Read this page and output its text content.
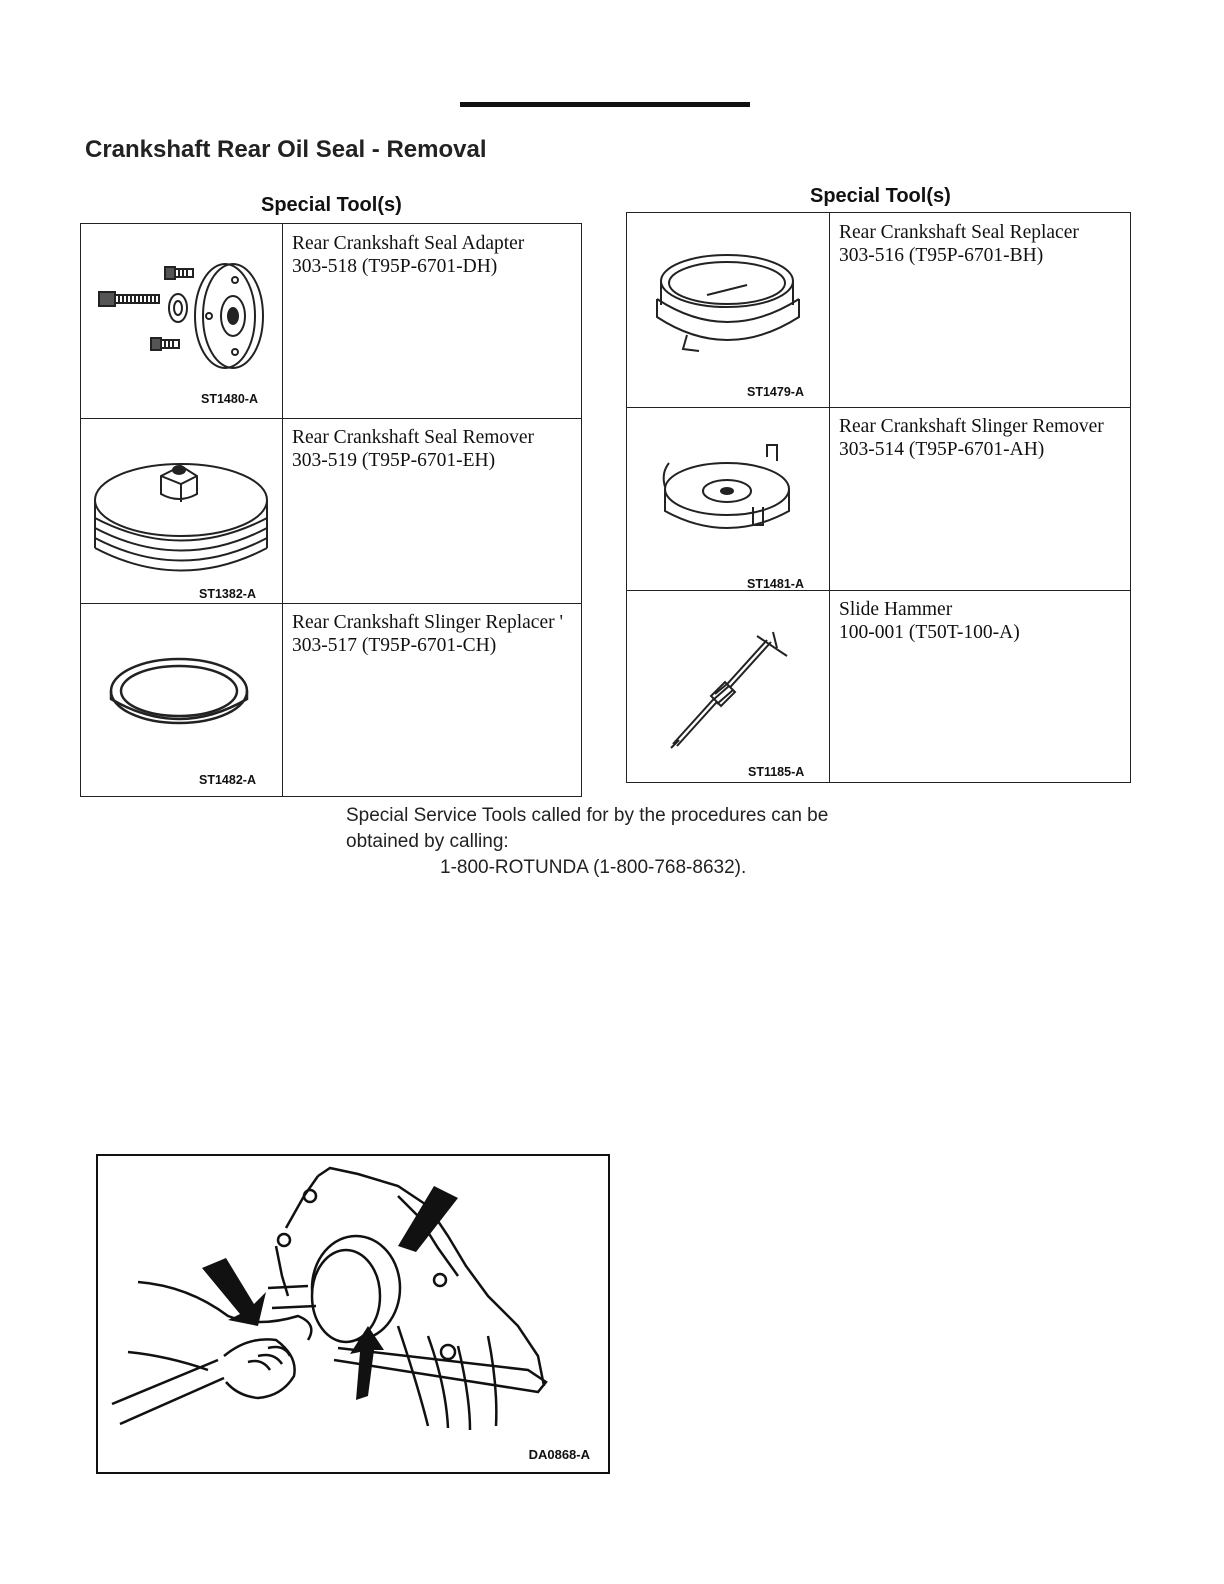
Crankshaft Rear Oil Seal - Removal
Special Tool(s)	Special Tool(s)
Rear Crankshaft Seal Adapter
303-518 (T95P-6701-DH)
ST1480-A
Rear Crankshaft Seal Remover
303-519 (T95P-6701-EH)
ST1382-A
Rear Crankshaft Slinger Replacer '
303-517 (T95P-6701-CH)
ST1482-A
Rear Crankshaft Seal Replacer
303-516 (T95P-6701-BH)
ST1479-A
Rear Crankshaft Slinger Remover
303-514 (T95P-6701-AH)
ST1481-A
Slide Hammer
100-001 (T50T-100-A)
ST1185-A
Special Service Tools called for by the procedures can be
obtained by calling:
1-800-ROTUNDA (1-800-768-8632).
DA0868-A
